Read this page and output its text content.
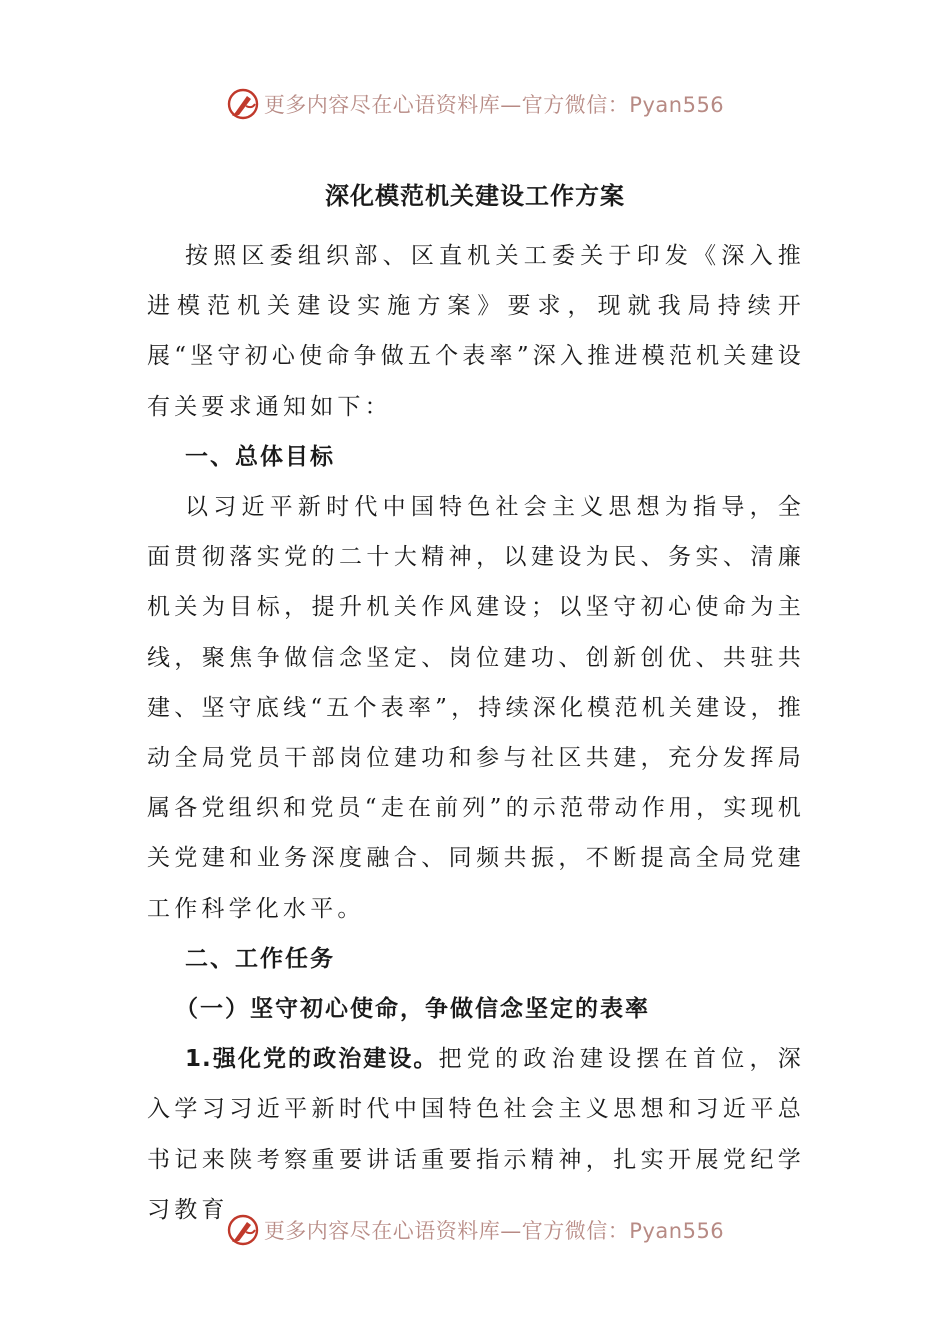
更多内容尽在心语资料库—官方微信：Pyan556
深化模范机关建设工作方案

按照区委组织部、区直机关工委关于印发《深入推进模范机关建设实施方案》要求，现就我局持续开展“坚守初心使命争做五个表率”深入推进模范机关建设有关要求通知如下：

一、总体目标

以习近平新时代中国特色社会主义思想为指导，全面贯彻落实党的二十大精神，以建设为民、务实、清廉机关为目标，提升机关作风建设；以坚守初心使命为主线，聚焦争做信念坚定、岗位建功、创新创优、共驻共建、坚守底线“五个表率”，持续深化模范机关建设，推动全局党员干部岗位建功和参与社区共建，充分发挥局属各党组织和党员“走在前列”的示范带动作用，实现机关党建和业务深度融合、同频共振，不断提高全局党建工作科学化水平。

二、工作任务

（一）坚守初心使命，争做信念坚定的表率

1.强化党的政治建设。把党的政治建设摆在首位，深入学习习近平新时代中国特色社会主义思想和习近平总书记来陕考察重要讲话重要指示精神，扎实开展党纪学习教育

更多内容尽在心语资料库—官方微信：Pyan556
